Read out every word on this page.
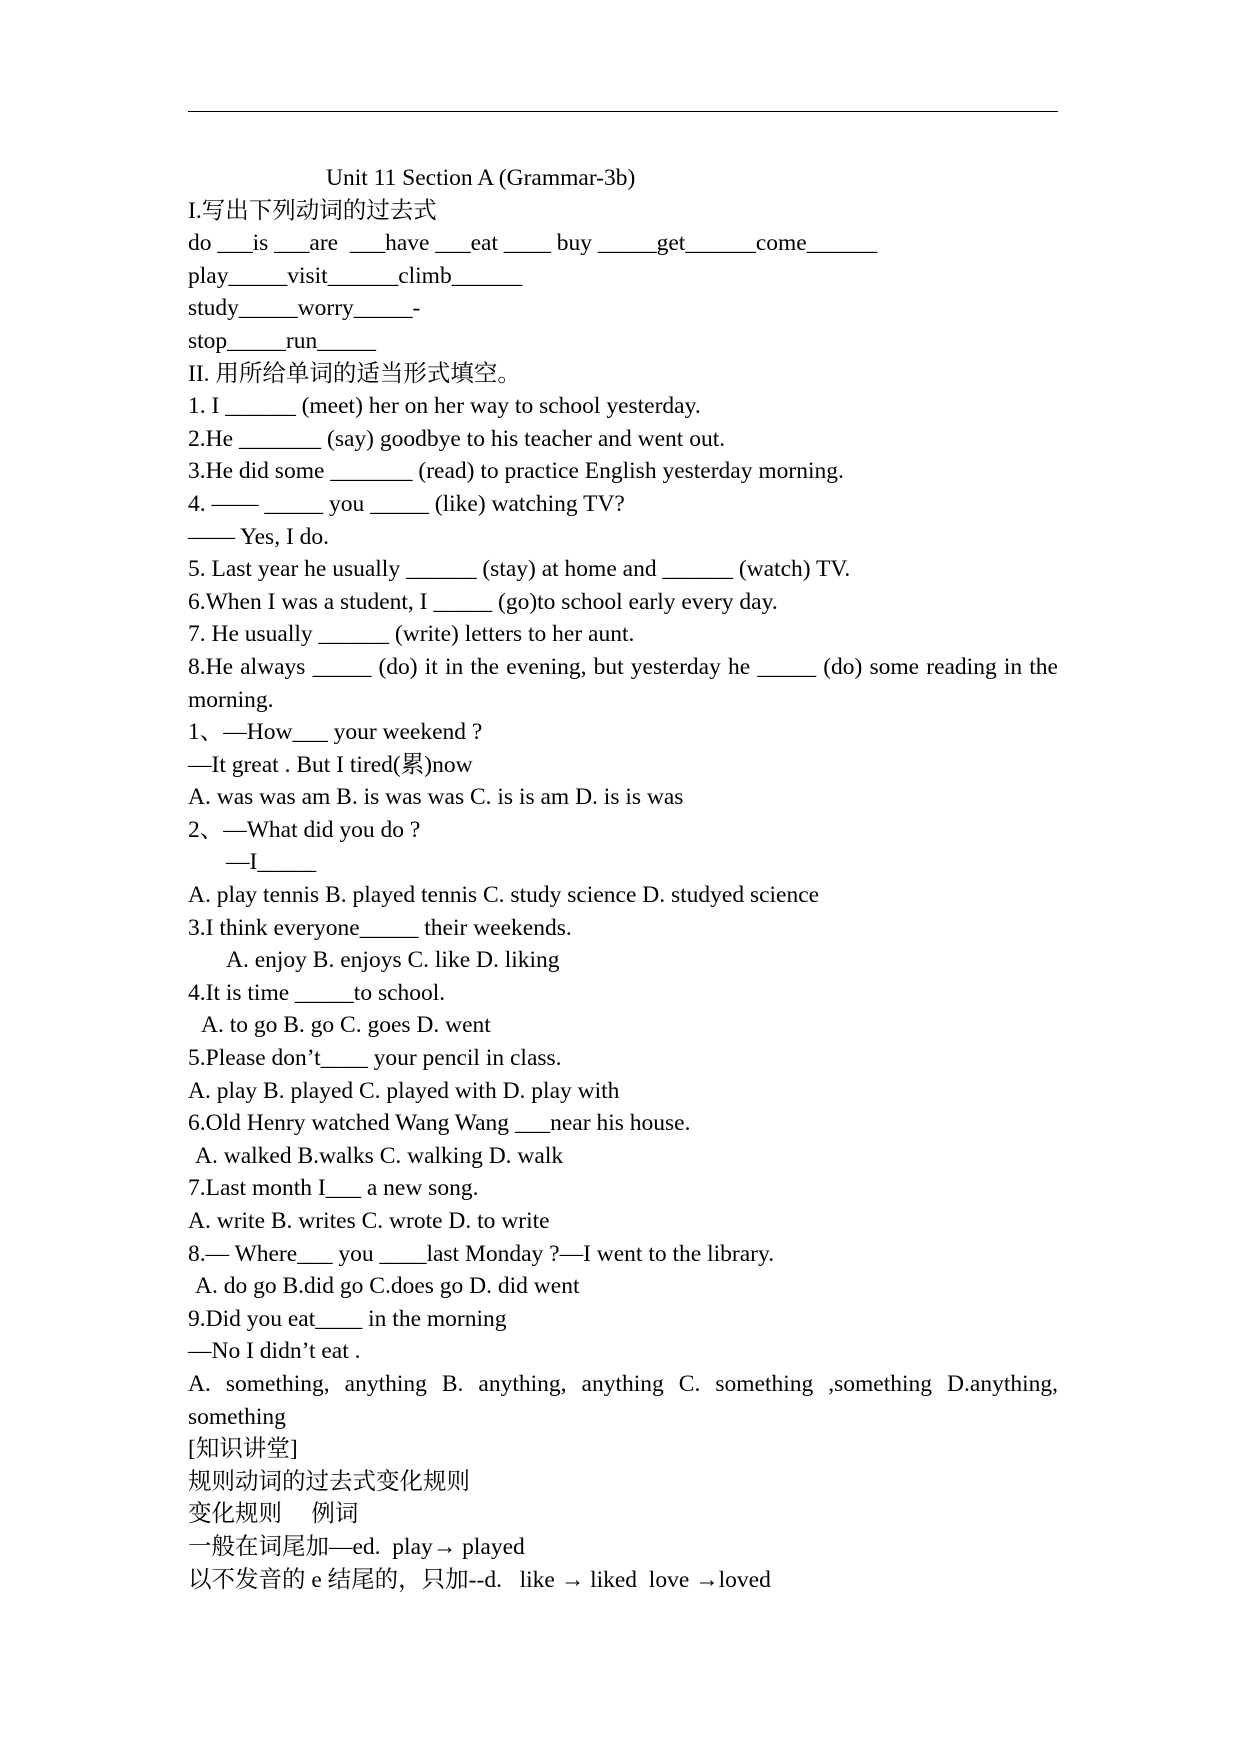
Unit 11 Section A (Grammar-3b)
I.写出下列动词的过去式
do ___is ___are  ___have ___eat ____ buy _____get______come______
play_____visit______climb______
study_____worry_____-
stop_____run_____
II. 用所给单词的适当形式填空。
1. I ______ (meet) her on her way to school yesterday.
2.He _______ (say) goodbye to his teacher and went out.
3.He did some _______ (read) to practice English yesterday morning.
4. —— _____ you _____ (like) watching TV?
—— Yes, I do.
5. Last year he usually ______ (stay) at home and ______ (watch) TV.
6.When I was a student, I _____ (go)to school early every day.
7. He usually ______ (write) letters to her aunt.
8.He always _____ (do) it in the evening, but yesterday he _____ (do) some reading in the morning.
1、—How___ your weekend ?
—It great . But I tired(累)now
A. was was am B. is was was C. is is am D. is is was
2、—What did you do ?
—I_____
A. play tennis B. played tennis C. study science D. studyed science
3.I think everyone_____ their weekends.
A. enjoy B. enjoys C. like D. liking
4.It is time _____to school.
A. to go B. go C. goes D. went
5.Please don’t____ your pencil in class.
A. play B. played C. played with D. play with
6.Old Henry watched Wang Wang ___near his house.
A. walked B.walks C. walking D. walk
7.Last month I___ a new song.
A. write B. writes C. wrote D. to write
8.— Where___ you ____last Monday ?—I went to the library.
A. do go B.did go C.does go D. did went
9.Did you eat____ in the morning
—No I didn’t eat .
A. something, anything B. anything, anything C. something ,something D.anything, something
[知识讲堂]
规则动词的过去式变化规则
变化规则     例词
一般在词尾加—ed.  play→ played
以不发音的 e 结尾的，只加--d.   like → liked  love →loved
